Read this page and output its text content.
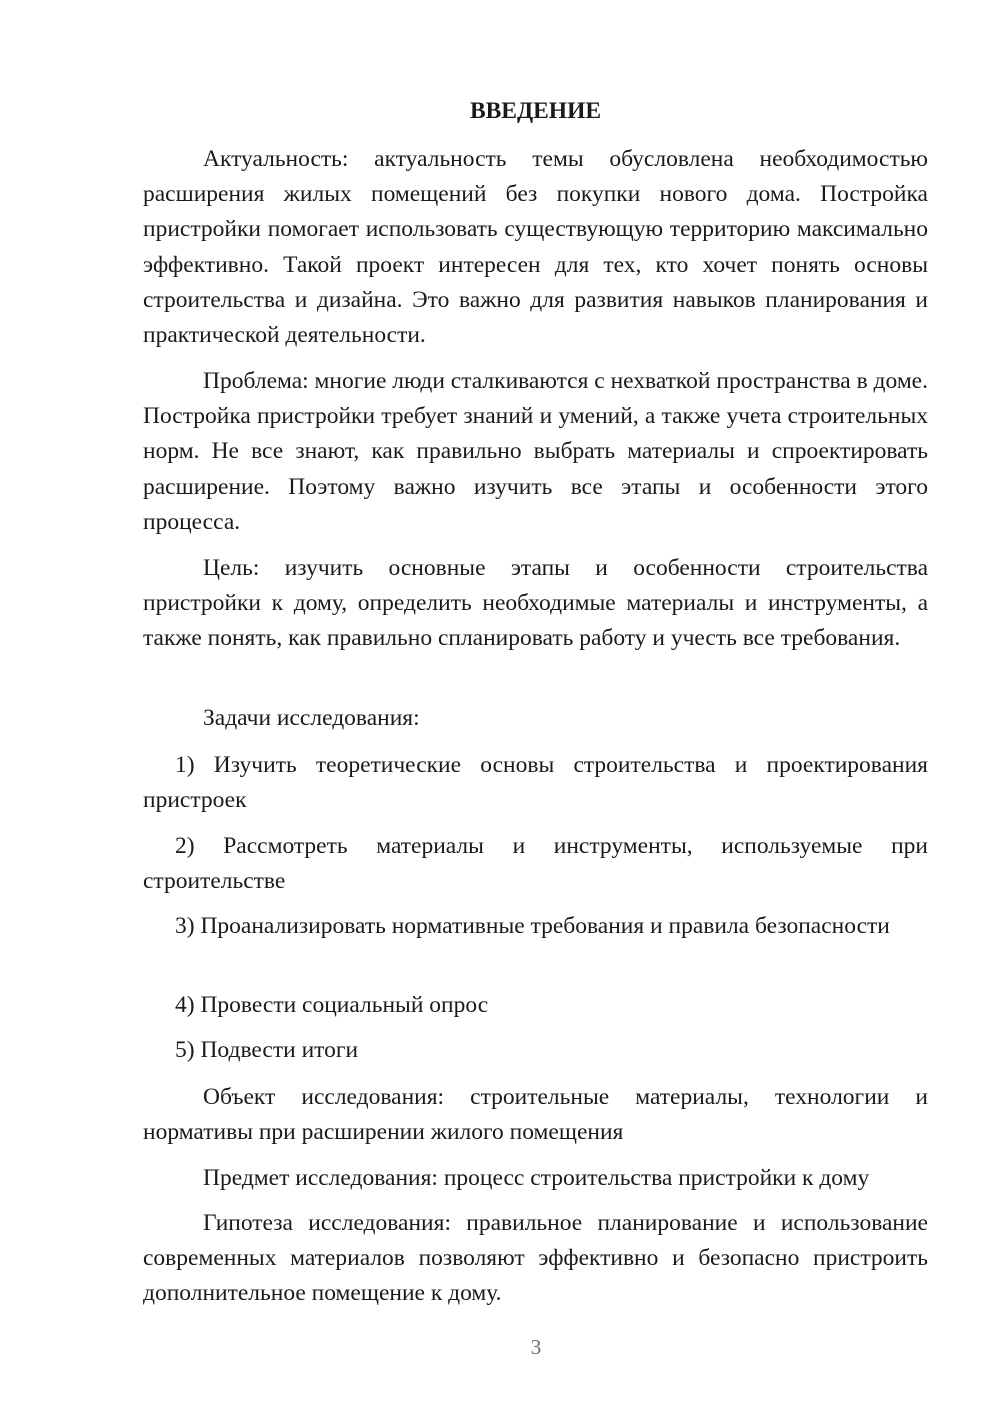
ВВЕДЕНИЕ

Актуальность: актуальность темы обусловлена необходимостью расширения жилых помещений без покупки нового дома. Постройка пристройки помогает использовать существующую территорию максимально эффективно. Такой проект интересен для тех, кто хочет понять основы строительства и дизайна. Это важно для развития навыков планирования и практической деятельности.

Проблема: многие люди сталкиваются с нехваткой пространства в доме. Постройка пристройки требует знаний и умений, а также учета строительных норм. Не все знают, как правильно выбрать материалы и спроектировать расширение. Поэтому важно изучить все этапы и особенности этого процесса.

Цель: изучить основные этапы и особенности строительства пристройки к дому, определить необходимые материалы и инструменты, а также понять, как правильно спланировать работу и учесть все требования.

Задачи исследования:

1) Изучить теоретические основы строительства и проектирования пристроек

2) Рассмотреть материалы и инструменты, используемые при строительстве

3) Проанализировать нормативные требования и правила безопасности

4) Провести социальный опрос

5) Подвести итоги

Объект исследования: строительные материалы, технологии и нормативы при расширении жилого помещения

Предмет исследования: процесс строительства пристройки к дому

Гипотеза исследования: правильное планирование и использование современных материалов позволяют эффективно и безопасно пристроить дополнительное помещение к дому.

3
